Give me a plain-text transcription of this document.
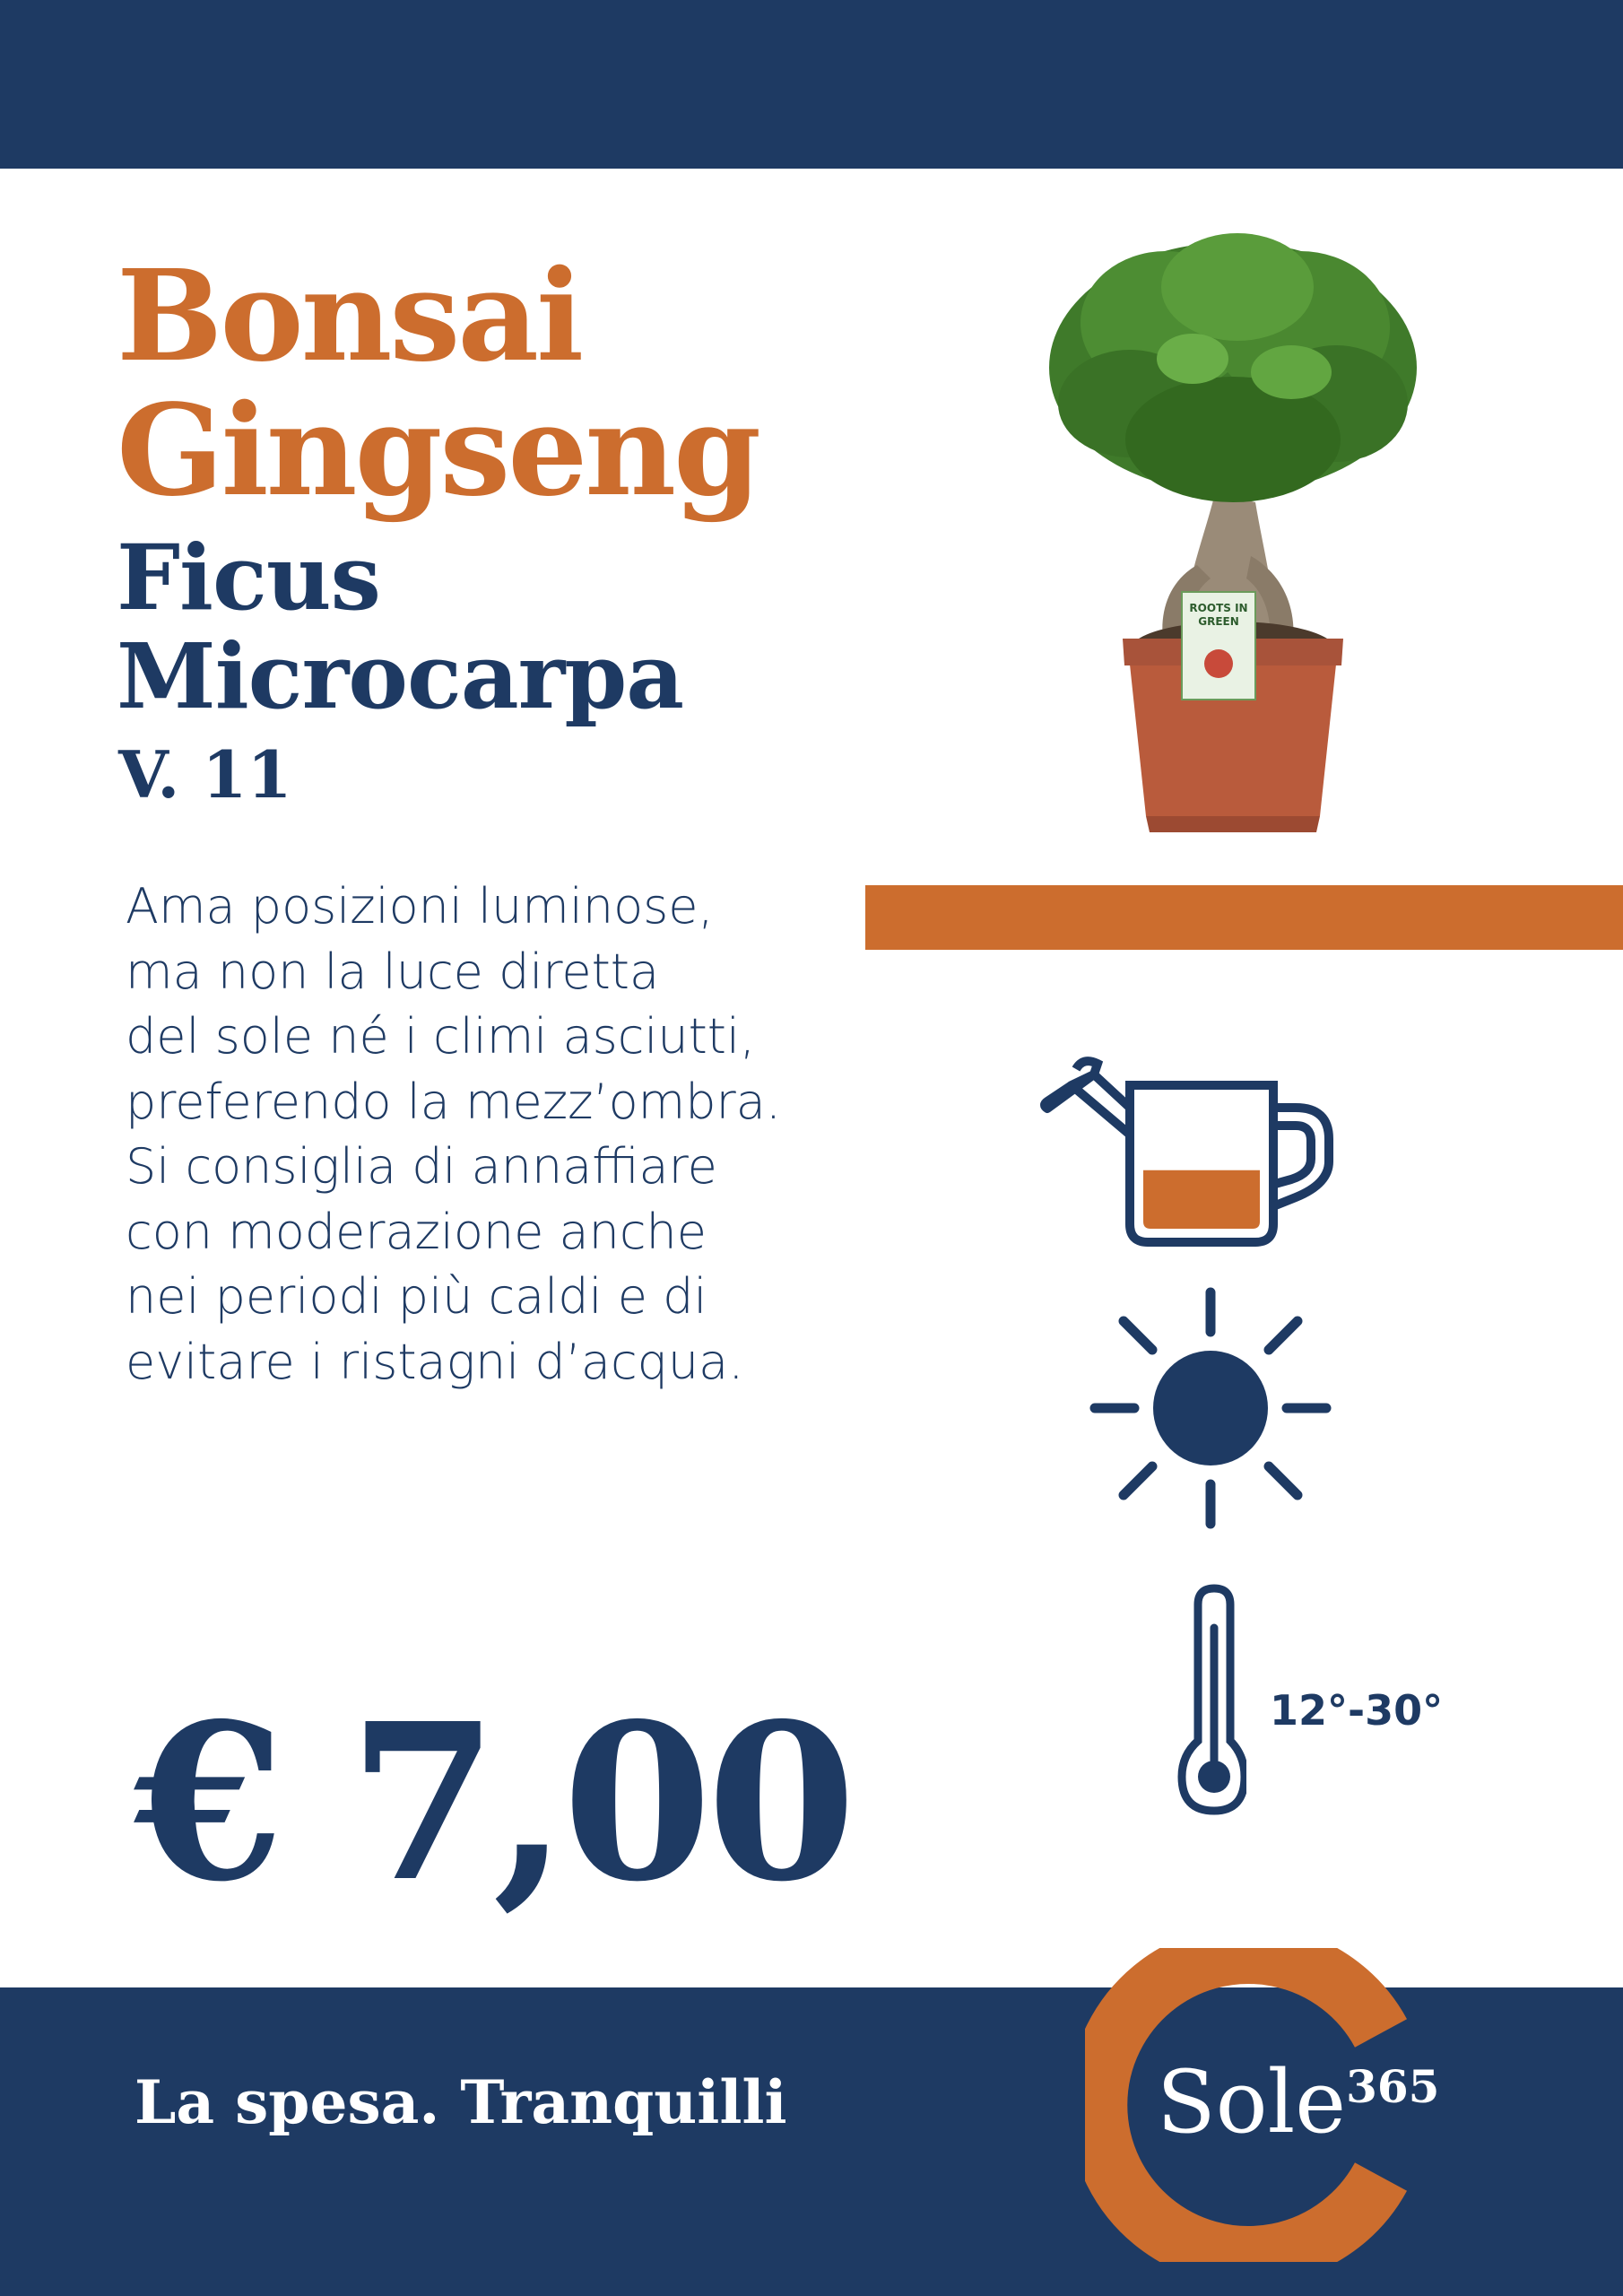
Bonsai
Gingseng
Ficus
Microcarpa
V. 11
Ama posizioni luminose,
ma non la luce diretta
del sole né i climi asciutti,
preferendo la mezz’ombra.
Si consiglia di annaffiare
con moderazione anche
nei periodi più caldi e di
evitare i ristagni d’acqua.
ROOTS IN
GREEN
12°-30°
€ 7,00
La spesa. Tranquilli	Sole$^{365}$
